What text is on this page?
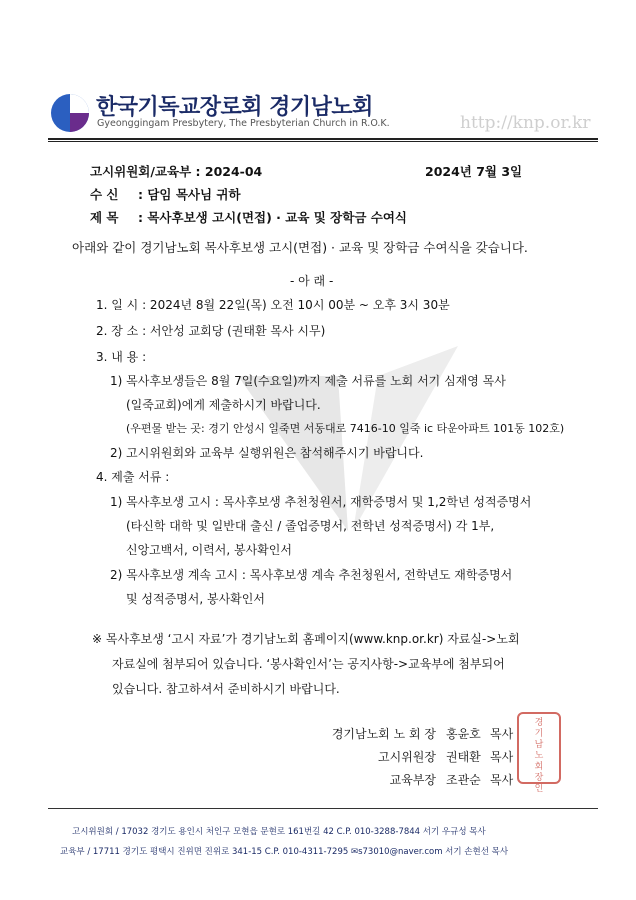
한국기독교장로회 경기남노회
Gyeonggingam Presbytery, The Presbyterian Church in R.O.K.	http://knp.or.kr
고시위원회/교육부 : 2024-04	2024년 7월 3일
수 신 : 담임 목사님 귀하
제 목 : 목사후보생 고시(면접) · 교육 및 장학금 수여식
아래와 같이 경기남노회 목사후보생 고시(면접) · 교육 및 장학금 수여식을 갖습니다.
- 아 래 -
1. 일 시 : 2024년 8월 22일(목) 오전 10시 00분 ~ 오후 3시 30분
2. 장 소 : 서안성 교회당 (권태환 목사 시무)
3. 내 용 :
1) 목사후보생들은 8월 7일(수요일)까지 제출 서류를 노회 서기 심재영 목사
(일죽교회)에게 제출하시기 바랍니다.
(우편물 받는 곳: 경기 안성시 일죽면 서동대로 7416-10 일죽 ic 타운아파트 101동 102호)
2) 고시위원회와 교육부 실행위원은 참석해주시기 바랍니다.
4. 제출 서류 :
1) 목사후보생 고시 : 목사후보생 추천청원서, 재학증명서 및 1,2학년 성적증명서
(타신학 대학 및 일반대 출신 / 졸업증명서, 전학년 성적증명서) 각 1부,
신앙고백서, 이력서, 봉사확인서
2) 목사후보생 계속 고시 : 목사후보생 계속 추천청원서, 전학년도 재학증명서
및 성적증명서, 봉사확인서
※ 목사후보생 ‘고시 자료’가 경기남노회 홈페이지(www.knp.or.kr) 자료실->노회
자료실에 첨부되어 있습니다. ‘봉사확인서’는 공지사항->교육부에 첨부되어
있습니다. 참고하셔서 준비하시기 바랍니다.
경기남노회 노 회 장 홍윤호 목사
고시위원장 권태환 목사
교육부장 조관순 목사
경기남노회장인
고시위원회 / 17032 경기도 용인시 처인구 모현읍 문현로 161번길 42 C.P. 010-3288-7844 서기 우규성 목사
교육부 / 17711 경기도 평택시 진위면 진위로 341-15 C.P. 010-4311-7295 ✉s73010@naver.com 서기 손현선 목사
